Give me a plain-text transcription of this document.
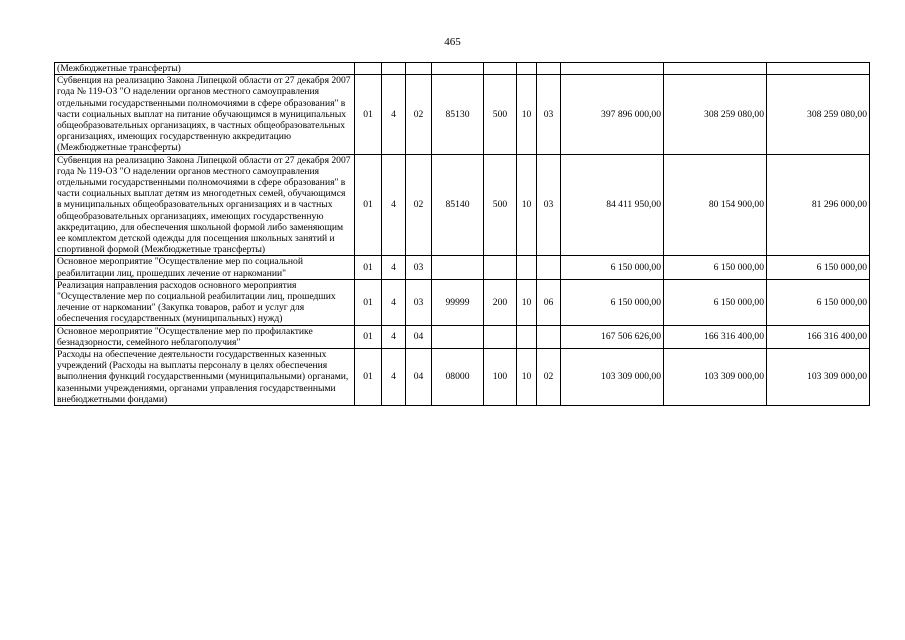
465
(Межбюджетные трансферты)										
Субвенция на реализацию Закона Липецкой области от 27 декабря 2007 года № 119-ОЗ "О наделении органов местного самоуправления отдельными государственными полномочиями в сфере образования" в части социальных выплат на питание обучающимся в муниципальных общеобразовательных организациях, в частных общеобразовательных организациях, имеющих государственную аккредитацию (Межбюджетные трансферты)	01	4	02	85130	500	10	03	397 896 000,00	308 259 080,00	308 259 080,00
Субвенция на реализацию Закона Липецкой области от 27 декабря 2007 года № 119-ОЗ "О наделении органов местного самоуправления отдельными государственными полномочиями в сфере образования" в части социальных выплат детям из многодетных семей, обучающимся в муниципальных общеобразовательных организациях и в частных общеобразовательных организациях, имеющих государственную аккредитацию, для обеспечения школьной формой либо заменяющим ее комплектом детской одежды для посещения школьных занятий и спортивной формой (Межбюджетные трансферты)	01	4	02	85140	500	10	03	84 411 950,00	80 154 900,00	81 296 000,00
Основное мероприятие "Осуществление мер по социальной реабилитации лиц, прошедших лечение от наркомании"	01	4	03					6 150 000,00	6 150 000,00	6 150 000,00
Реализация направления расходов основного мероприятия "Осуществление мер по социальной реабилитации лиц, прошедших лечение от наркомании" (Закупка товаров, работ и услуг для обеспечения государственных (муниципальных) нужд)	01	4	03	99999	200	10	06	6 150 000,00	6 150 000,00	6 150 000,00
Основное мероприятие "Осуществление мер по профилактике безнадзорности, семейного неблагополучия"	01	4	04					167 506 626,00	166 316 400,00	166 316 400,00
Расходы на обеспечение деятельности государственных казенных учреждений (Расходы на выплаты персоналу в целях обеспечения выполнения функций государственными (муниципальными) органами, казенными учреждениями, органами управления государственными внебюджетными фондами)	01	4	04	08000	100	10	02	103 309 000,00	103 309 000,00	103 309 000,00
